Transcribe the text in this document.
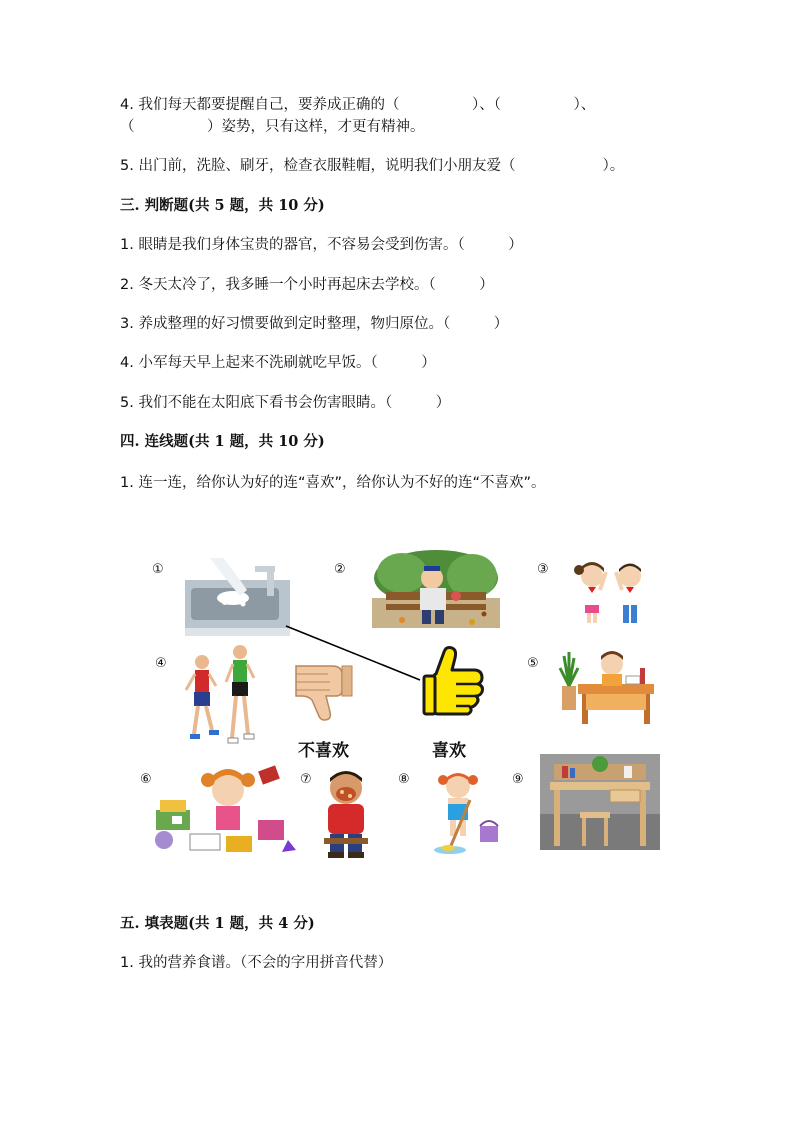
4. 我们每天都要提醒自己，要养成正确的（　　　　　）、（　　　　　）、
（　　　　　）姿势，只有这样，才更有精神。
5. 出门前，洗脸、刷牙，检查衣服鞋帽，说明我们小朋友爱（　　　　　　）。
三. 判断题(共 5 题，共 10 分)
1. 眼睛是我们身体宝贵的器官，不容易会受到伤害。（　　　）
2. 冬天太冷了，我多睡一个小时再起床去学校。（　　　）
3. 养成整理的好习惯要做到定时整理，物归原位。（　　　）
4. 小军每天早上起来不洗刷就吃早饭。（　　　）
5. 我们不能在太阳底下看书会伤害眼睛。（　　　）
四. 连线题(共 1 题，共 10 分)
1. 连一连，给你认为好的连“喜欢”，给你认为不好的连“不喜欢”。
①	②	③
④	⑤
⑥	⑦	⑧	⑨
不喜欢	喜欢
五. 填表题(共 1 题，共 4 分)
1. 我的营养食谱。（不会的字用拼音代替）
